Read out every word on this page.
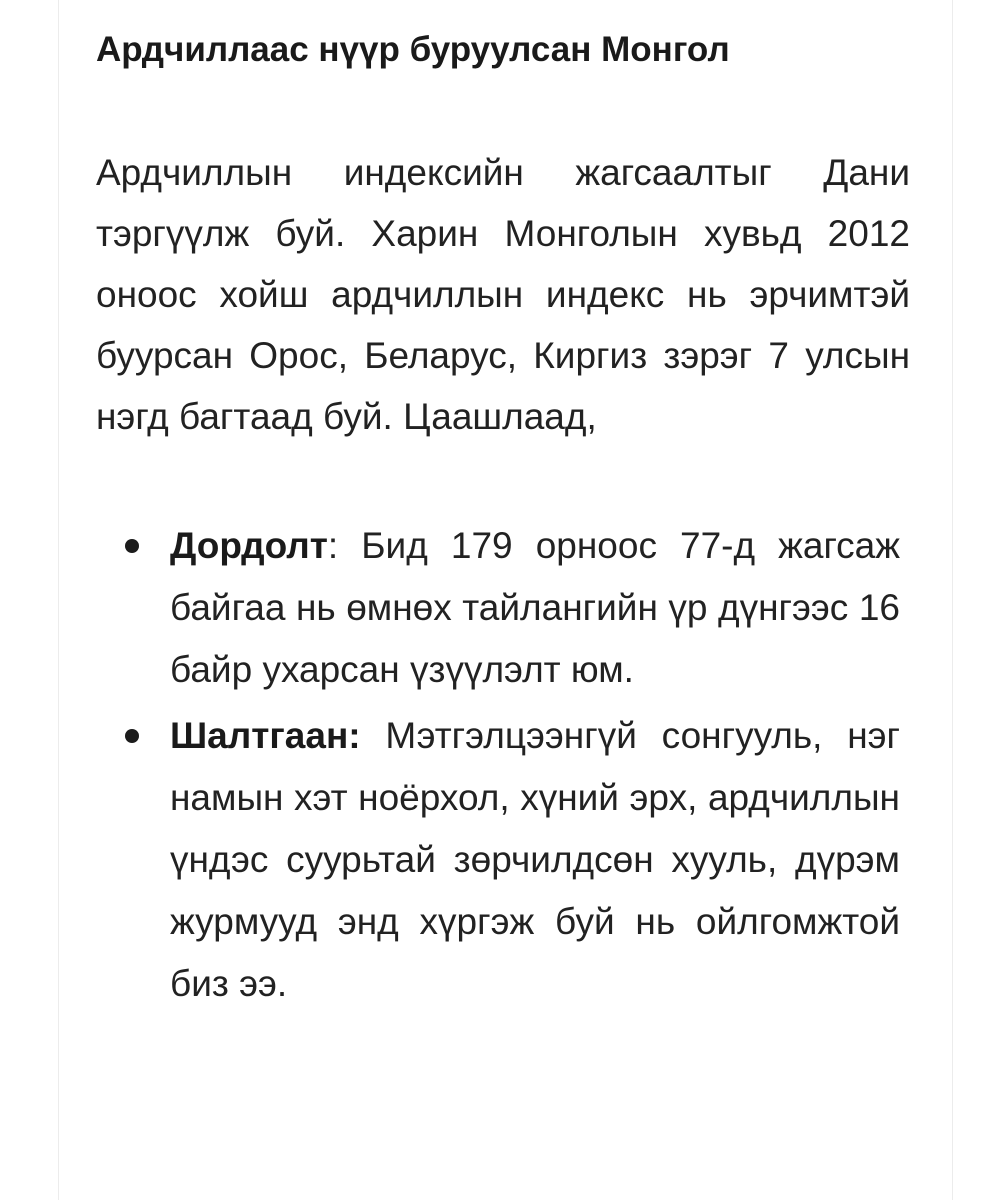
Ардчиллаас нүүр буруулсан Монгол

Ардчиллын индексийн жагсаалтыг Дани тэргүүлж буй. Харин Монголын хувьд 2012 оноос хойш ардчиллын индекс нь эрчимтэй буурсан Орос, Беларус, Киргиз зэрэг 7 улсын нэгд багтаад буй. Цаашлаад,

Дордолт: Бид 179 орноос 77-д жагсаж байгаа нь өмнөх тайлангийн үр дүнгээс 16 байр ухарсан үзүүлэлт юм.
Шалтгаан: Мэтгэлцээнгүй сонгууль, нэг намын хэт ноёрхол, хүний эрх, ардчиллын үндэс суурьтай зөрчилдсөн хууль, дүрэм журмууд энд хүргэж буй нь ойлгомжтой биз ээ.
